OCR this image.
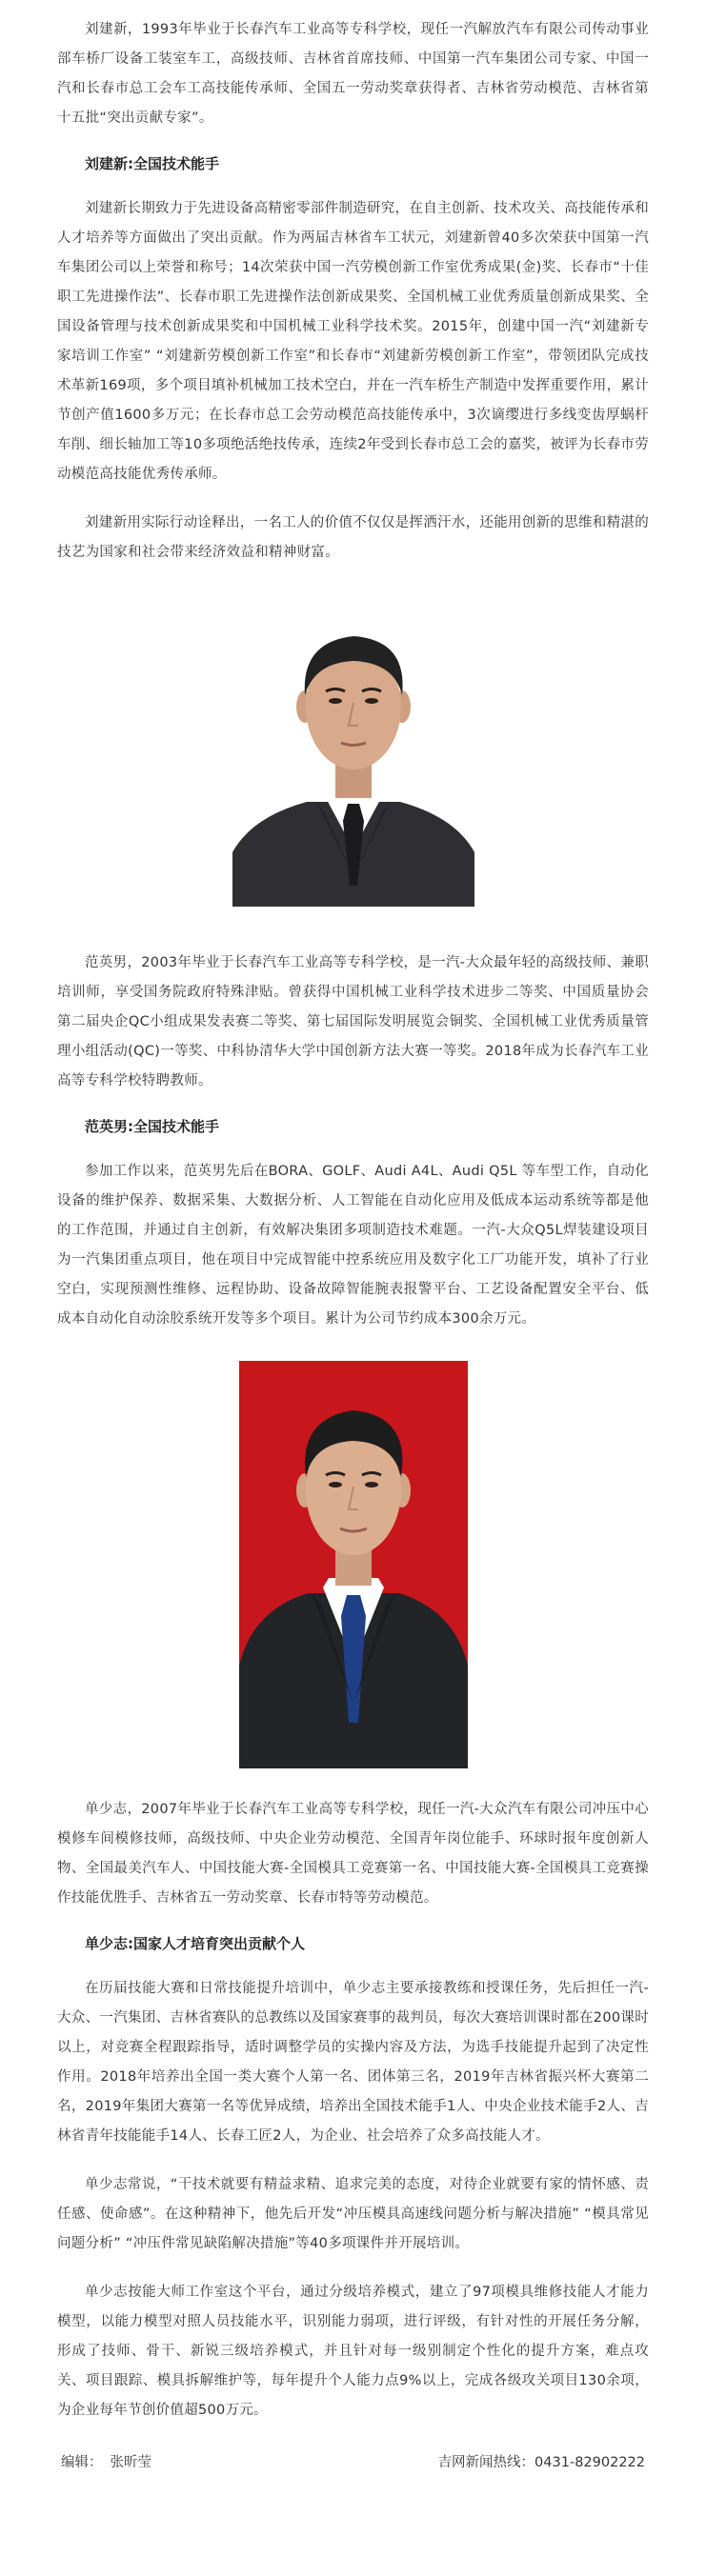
刘建新，1993年毕业于长春汽车工业高等专科学校，现任一汽解放汽车有限公司传动事业部车桥厂设备工装室车工，高级技师、吉林省首席技师、中国第一汽车集团公司专家、中国一汽和长春市总工会车工高技能传承师、全国五一劳动奖章获得者、吉林省劳动模范、吉林省第十五批“突出贡献专家”。

刘建新:全国技术能手

刘建新长期致力于先进设备高精密零部件制造研究，在自主创新、技术攻关、高技能传承和人才培养等方面做出了突出贡献。作为两届吉林省车工状元，刘建新曾40多次荣获中国第一汽车集团公司以上荣誉和称号；14次荣获中国一汽劳模创新工作室优秀成果(金)奖、长春市“十佳职工先进操作法”、长春市职工先进操作法创新成果奖、全国机械工业优秀质量创新成果奖、全国设备管理与技术创新成果奖和中国机械工业科学技术奖。2015年，创建中国一汽“刘建新专家培训工作室” “刘建新劳模创新工作室”和长春市“刘建新劳模创新工作室”，带领团队完成技术革新169项，多个项目填补机械加工技术空白，并在一汽车桥生产制造中发挥重要作用，累计节创产值1600多万元；在长春市总工会劳动模范高技能传承中，3次谪缨进行多线变齿厚蜗杆车削、细长轴加工等10多项绝活绝技传承，连续2年受到长春市总工会的嘉奖，被评为长春市劳动模范高技能优秀传承师。

刘建新用实际行动诠释出，一名工人的价值不仅仅是挥洒汗水，还能用创新的思维和精湛的技艺为国家和社会带来经济效益和精神财富。

范英男，2003年毕业于长春汽车工业高等专科学校，是一汽-大众最年轻的高级技师、兼职培训师，享受国务院政府特殊津贴。曾获得中国机械工业科学技术进步二等奖、中国质量协会第二届央企QC小组成果发表赛二等奖、第七届国际发明展览会铜奖、全国机械工业优秀质量管理小组活动(QC)一等奖、中科协清华大学中国创新方法大赛一等奖。2018年成为长春汽车工业高等专科学校特聘教师。

范英男:全国技术能手

参加工作以来，范英男先后在BORA、GOLF、Audi A4L、Audi Q5L 等车型工作，自动化设备的维护保养、数据采集、大数据分析、人工智能在自动化应用及低成本运动系统等都是他的工作范围，并通过自主创新，有效解决集团多项制造技术难题。一汽-大众Q5L焊装建设项目为一汽集团重点项目，他在项目中完成智能中控系统应用及数字化工厂功能开发，填补了行业空白，实现预测性维修、远程协助、设备故障智能腕表报警平台、工艺设备配置安全平台、低成本自动化自动涂胶系统开发等多个项目。累计为公司节约成本300余万元。

单少志，2007年毕业于长春汽车工业高等专科学校，现任一汽-大众汽车有限公司冲压中心模修车间模修技师，高级技师、中央企业劳动模范、全国青年岗位能手、环球时报年度创新人物、全国最美汽车人、中国技能大赛-全国模具工竞赛第一名、中国技能大赛-全国模具工竞赛操作技能优胜手、吉林省五一劳动奖章、长春市特等劳动模范。

单少志:国家人才培育突出贡献个人

在历届技能大赛和日常技能提升培训中，单少志主要承接教练和授课任务，先后担任一汽-大众、一汽集团、吉林省赛队的总教练以及国家赛事的裁判员，每次大赛培训课时都在200课时以上，对竞赛全程跟踪指导，适时调整学员的实操内容及方法，为选手技能提升起到了决定性作用。2018年培养出全国一类大赛个人第一名、团体第三名，2019年吉林省振兴杯大赛第二名，2019年集团大赛第一名等优异成绩，培养出全国技术能手1人、中央企业技术能手2人、吉林省青年技能能手14人、长春工匠2人，为企业、社会培养了众多高技能人才。

单少志常说，“干技术就要有精益求精、追求完美的态度，对待企业就要有家的情怀感、责任感、使命感”。在这种精神下，他先后开发“冲压模具高速线问题分析与解决措施” “模具常见问题分析” “冲压件常见缺陷解决措施”等40多项课件并开展培训。

单少志按能大师工作室这个平台，通过分级培养模式，建立了97项模具维修技能人才能力模型，以能力模型对照人员技能水平，识别能力弱项，进行评级，有针对性的开展任务分解，形成了技师、骨干、新锐三级培养模式，并且针对每一级别制定个性化的提升方案，难点攻关、项目跟踪、模具拆解维护等，每年提升个人能力点9%以上，完成各级攻关项目130余项，为企业每年节创价值超500万元。

编辑： 张昕莹	吉网新闻热线：0431-82902222
